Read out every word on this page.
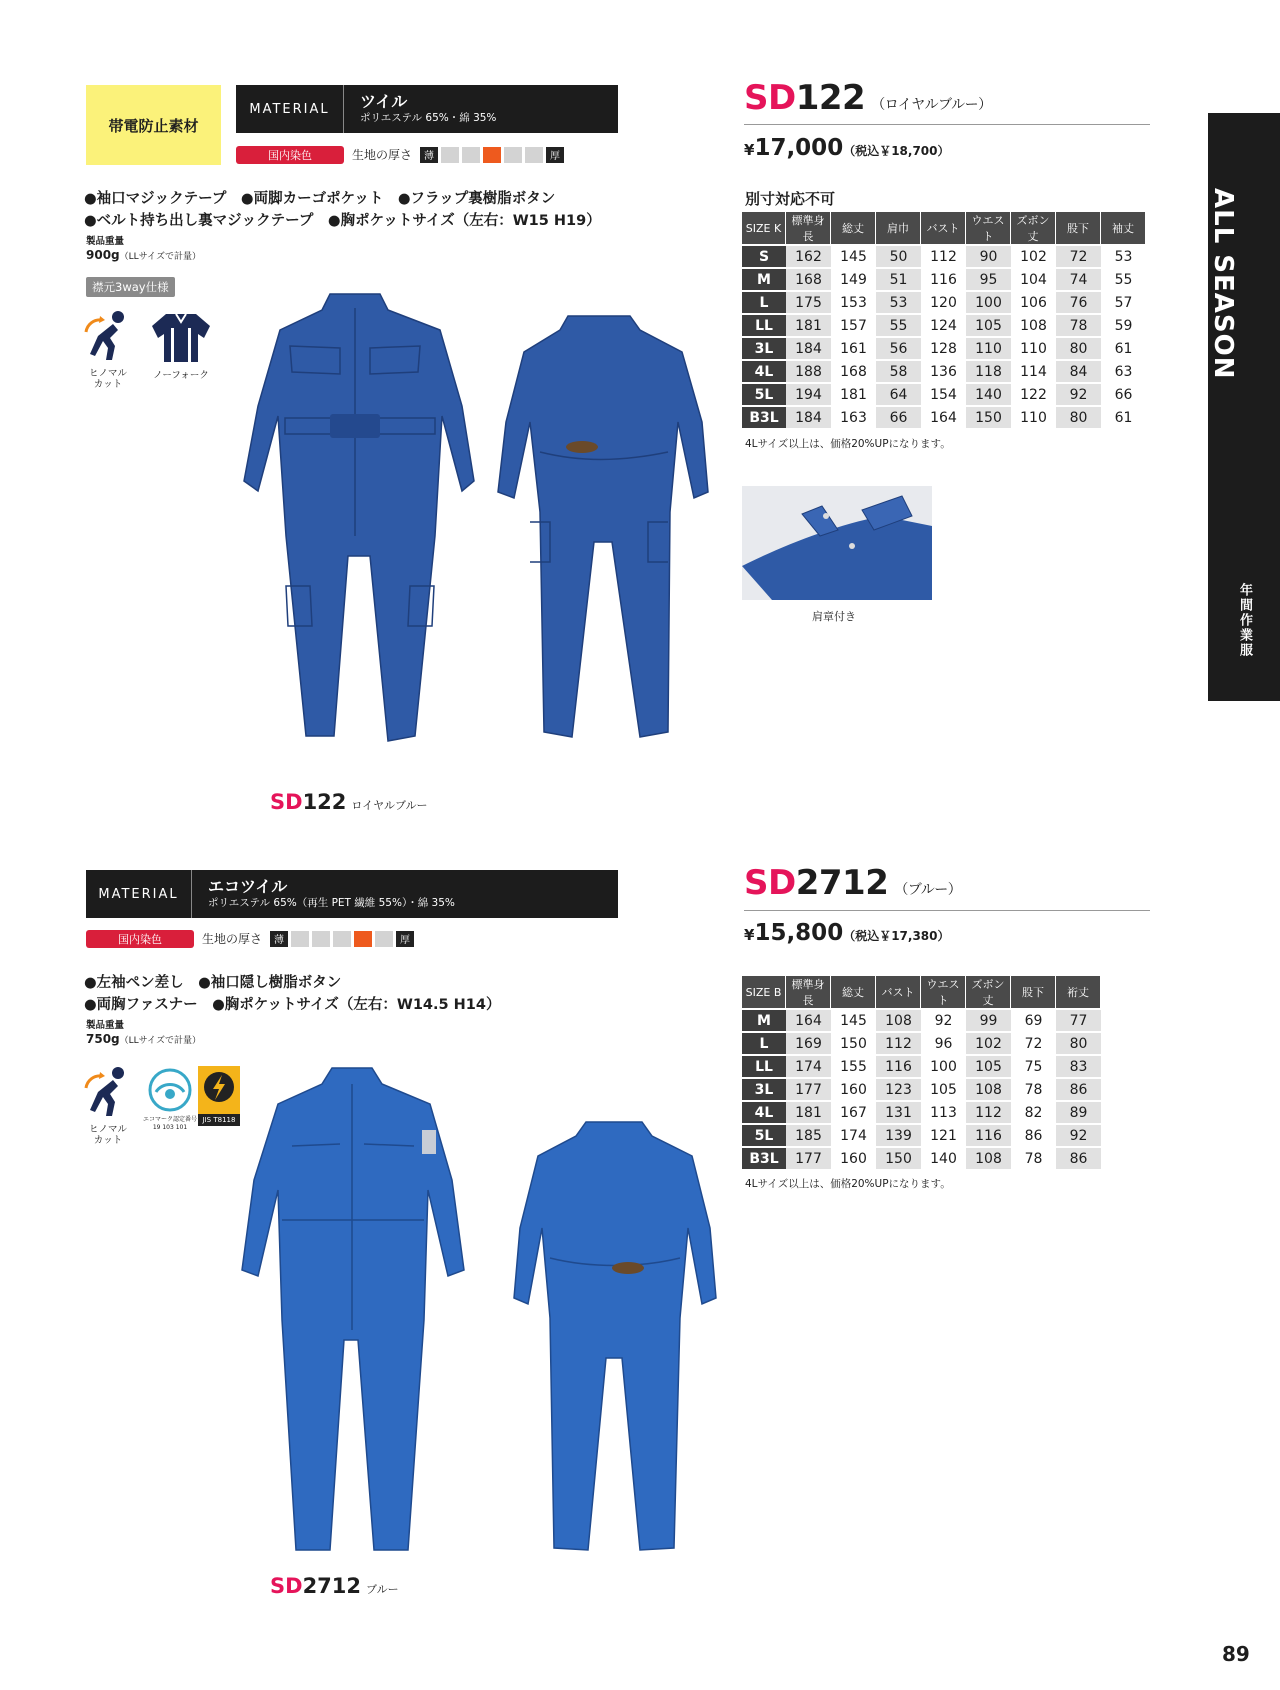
帯電防止素材
MATERIAL	ツイル
ポリエステル 65%・綿 35%
国内染色	生地の厚さ	薄	厚
●袖口マジックテープ　●両脚カーゴポケット　●フラップ裏樹脂ボタン
●ベルト持ち出し裏マジックテープ　●胸ポケットサイズ（左右：W15 H19）
製品重量
900g（LLサイズで計量）
襟元3way仕様
ヒノマル
カット
ノーフォーク
SD122 ロイヤルブルー
SD122 （ロイヤルブルー）
¥17,000（税込￥18,700）
別寸対応不可
SIZE K	標準身長	総丈	肩巾	バスト	ウエスト	ズボン丈	股下	袖丈
S	162	145	50	112	90	102	72	53
M	168	149	51	116	95	104	74	55
L	175	153	53	120	100	106	76	57
LL	181	157	55	124	105	108	78	59
3L	184	161	56	128	110	110	80	61
4L	188	168	58	136	118	114	84	63
5L	194	181	64	154	140	122	92	66
B3L	184	163	66	164	150	110	80	61
4Lサイズ以上は、価格20%UPになります。
肩章付き
MATERIAL	エコツイル
ポリエステル 65%（再生 PET 繊維 55%）・綿 35%
国内染色	生地の厚さ	薄	厚
●左袖ペン差し　●袖口隠し樹脂ボタン
●両胸ファスナー　●胸ポケットサイズ（左右：W14.5 H14）
製品重量
750g（LLサイズで計量）
ヒノマル
カット
エコマーク認定番号
19 103 101
JIS T8118
SD2712 ブルー
SD2712 （ブルー）
¥15,800（税込￥17,380）
SIZE B	標準身長	総丈	バスト	ウエスト	ズボン丈	股下	裄丈
M	164	145	108	92	99	69	77
L	169	150	112	96	102	72	80
LL	174	155	116	100	105	75	83
3L	177	160	123	105	108	78	86
4L	181	167	131	113	112	82	89
5L	185	174	139	121	116	86	92
B3L	177	160	150	140	108	78	86
4Lサイズ以上は、価格20%UPになります。
ALL SEASON
年間作業服
89
